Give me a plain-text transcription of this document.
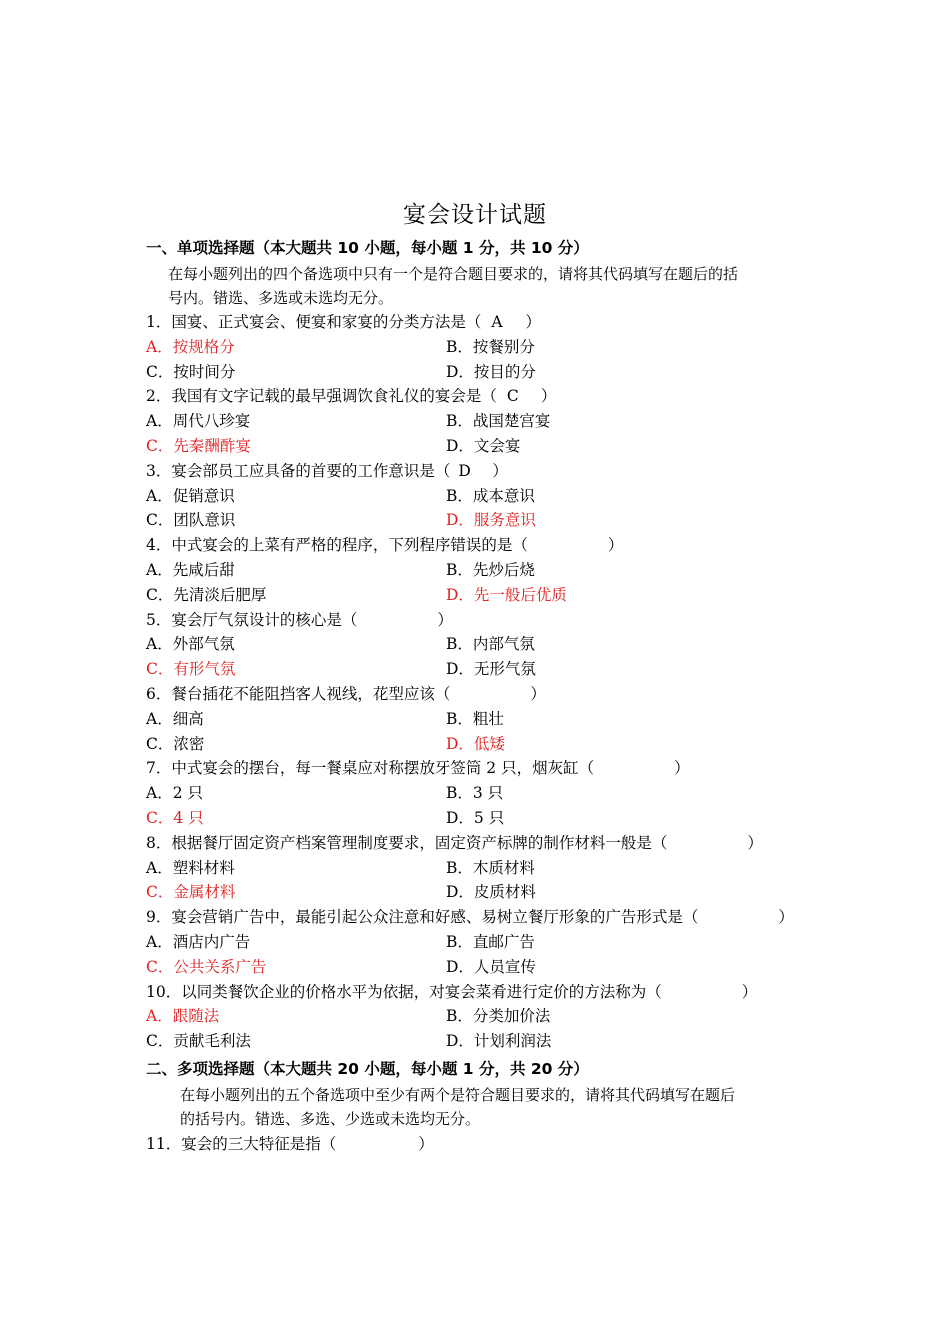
宴会设计试题
一、单项选择题（本大题共 10 小题，每小题 1 分，共 10 分）
在每小题列出的四个备选项中只有一个是符合题目要求的，请将其代码填写在题后的括
号内。错选、多选或未选均无分。
1．国宴、正式宴会、便宴和家宴的分类方法是（ A ）
A．按规格分	B．按餐别分
C．按时间分	D．按目的分
2．我国有文字记载的最早强调饮食礼仪的宴会是（ C ）
A．周代八珍宴	B．战国楚宫宴
C．先秦酬酢宴	D．文会宴
3．宴会部员工应具备的首要的工作意识是（ D ）
A．促销意识	B．成本意识
C．团队意识	D．服务意识
4．中式宴会的上菜有严格的程序，下列程序错误的是（	）
A．先咸后甜	B．先炒后烧
C．先清淡后肥厚	D．先一般后优质
5．宴会厅气氛设计的核心是（	）
A．外部气氛	B．内部气氛
C．有形气氛	D．无形气氛
6．餐台插花不能阻挡客人视线，花型应该（	）
A．细高	B．粗壮
C．浓密	D．低矮
7．中式宴会的摆台，每一餐桌应对称摆放牙签筒 2 只，烟灰缸（	）
A．2 只	B．3 只
C．4 只	D．5 只
8．根据餐厅固定资产档案管理制度要求，固定资产标牌的制作材料一般是（	）
A．塑料材料	B．木质材料
C．金属材料	D．皮质材料
9．宴会营销广告中，最能引起公众注意和好感、易树立餐厅形象的广告形式是（	）
A．酒店内广告	B．直邮广告
C．公共关系广告	D．人员宣传
10．以同类餐饮企业的价格水平为依据，对宴会菜肴进行定价的方法称为（	）
A．跟随法	B．分类加价法
C．贡献毛利法	D．计划利润法
二、多项选择题（本大题共 20 小题，每小题 1 分，共 20 分）
在每小题列出的五个备选项中至少有两个是符合题目要求的，请将其代码填写在题后
的括号内。错选、多选、少选或未选均无分。
11．宴会的三大特征是指（	）
